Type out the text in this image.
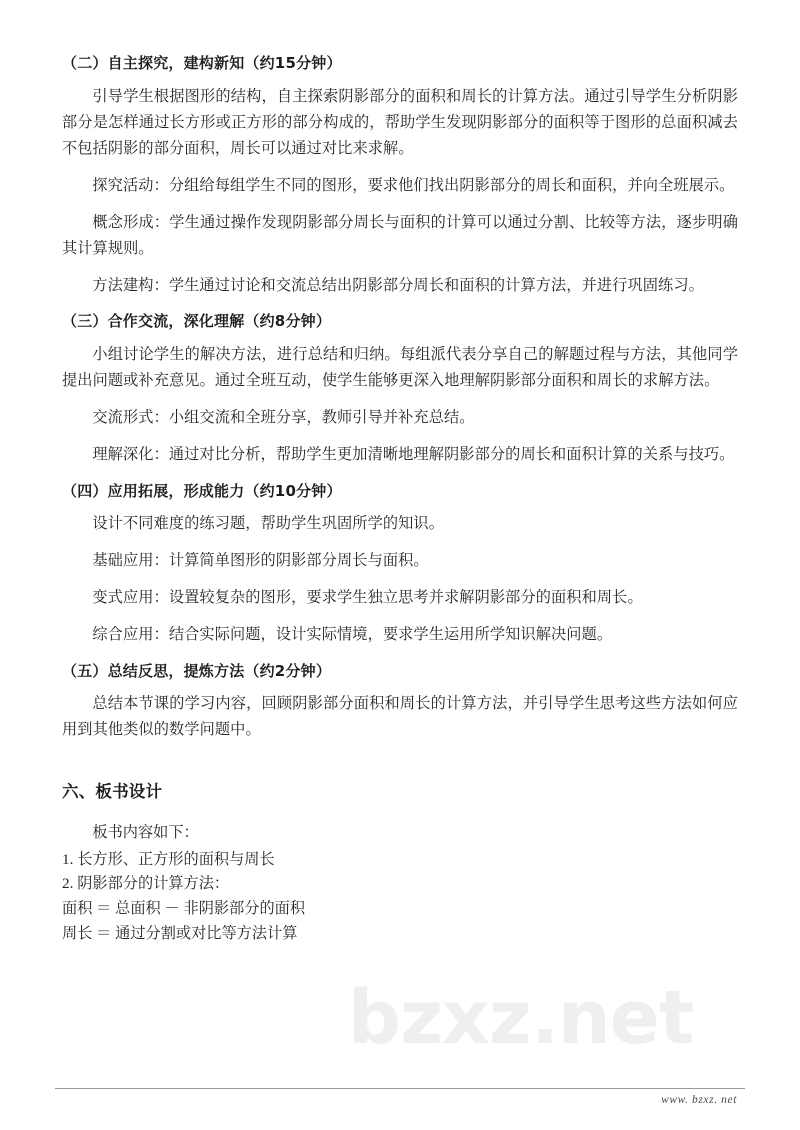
bzxz.net
（二）自主探究，建构新知（约15分钟）

引导学生根据图形的结构，自主探索阴影部分的面积和周长的计算方法。通过引导学生分析阴影部分是怎样通过长方形或正方形的部分构成的，帮助学生发现阴影部分的面积等于图形的总面积减去不包括阴影的部分面积，周长可以通过对比来求解。

探究活动：分组给每组学生不同的图形，要求他们找出阴影部分的周长和面积，并向全班展示。

概念形成：学生通过操作发现阴影部分周长与面积的计算可以通过分割、比较等方法，逐步明确其计算规则。

方法建构：学生通过讨论和交流总结出阴影部分周长和面积的计算方法，并进行巩固练习。

（三）合作交流，深化理解（约8分钟）

小组讨论学生的解决方法，进行总结和归纳。每组派代表分享自己的解题过程与方法，其他同学提出问题或补充意见。通过全班互动，使学生能够更深入地理解阴影部分面积和周长的求解方法。

交流形式：小组交流和全班分享，教师引导并补充总结。

理解深化：通过对比分析，帮助学生更加清晰地理解阴影部分的周长和面积计算的关系与技巧。

（四）应用拓展，形成能力（约10分钟）

设计不同难度的练习题，帮助学生巩固所学的知识。

基础应用：计算简单图形的阴影部分周长与面积。

变式应用：设置较复杂的图形，要求学生独立思考并求解阴影部分的面积和周长。

综合应用：结合实际问题，设计实际情境，要求学生运用所学知识解决问题。

（五）总结反思，提炼方法（约2分钟）

总结本节课的学习内容，回顾阴影部分面积和周长的计算方法，并引导学生思考这些方法如何应用到其他类似的数学问题中。

六、板书设计

板书内容如下：

1. 长方形、正方形的面积与周长

2. 阴影部分的计算方法：

面积 ＝ 总面积 － 非阴影部分的面积

周长 ＝ 通过分割或对比等方法计算

www. bzxz. net
